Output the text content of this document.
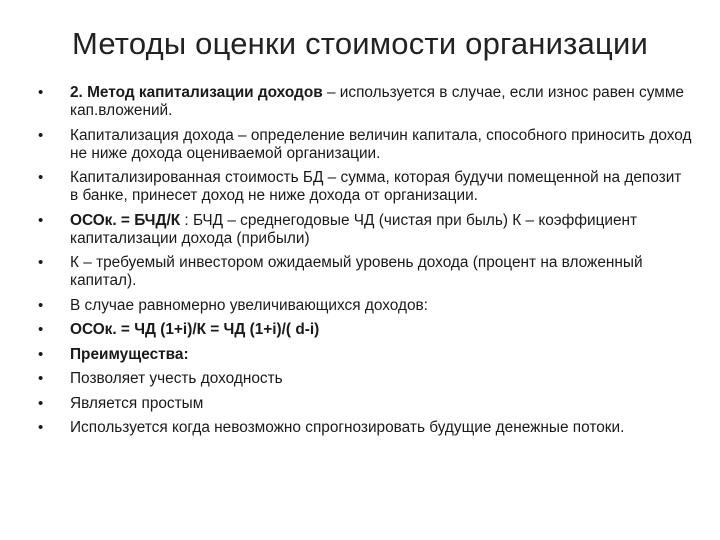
Методы оценки стоимости организации
•	2. Метод капитализации доходов – используется в случае, если износ равен сумме кап.вложений.
•	Капитализация дохода – определение величин капитала, способного приносить доход не ниже дохода оцениваемой организации.
•	Капитализированная стоимость БД – сумма, которая будучи помещенной на депозит в банке, принесет доход не ниже дохода от организации.
•	ОСОк. = БЧД/К : БЧД – среднегодовые ЧД (чистая при быль) К – коэффициент капитализации дохода (прибыли)
•	К – требуемый инвестором ожидаемый уровень дохода (процент на вложенный капитал).
•	В случае равномерно увеличивающихся доходов:
•	ОСОк. = ЧД (1+i)/К = ЧД (1+i)/( d-i)
•	Преимущества:
•	Позволяет учесть доходность
•	Является простым
•	Используется когда невозможно спрогнозировать будущие денежные потоки.
